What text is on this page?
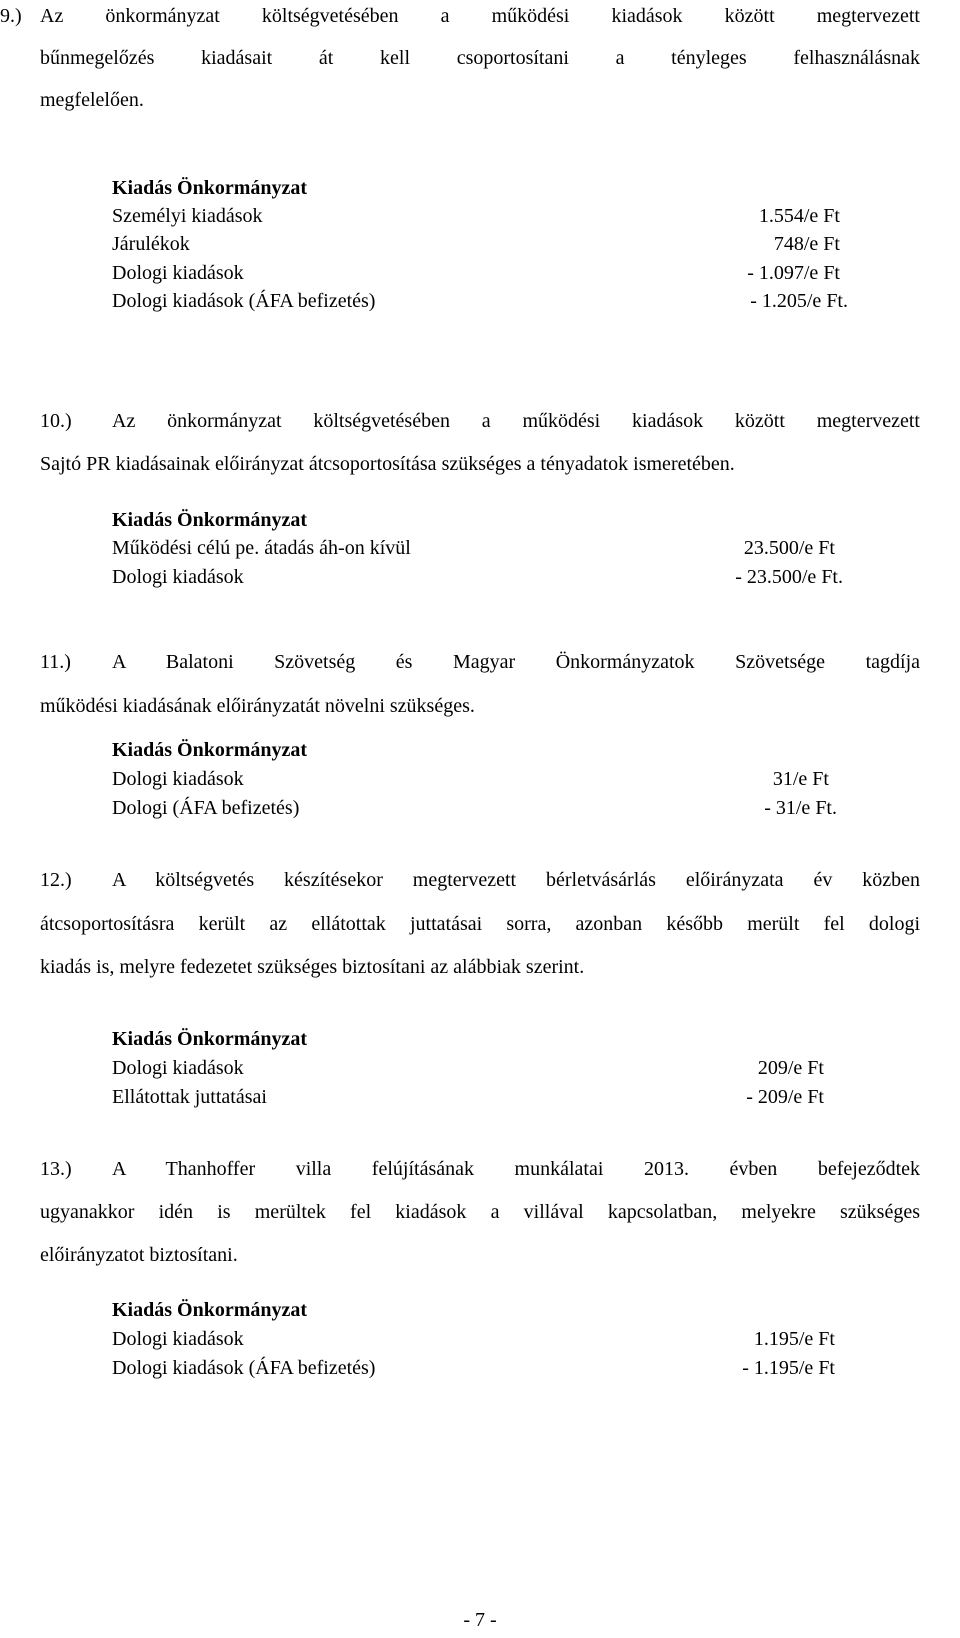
9.) Az önkormányzat költségvetésében a működési kiadások között megtervezett
bűnmegelőzés kiadásait át kell csoportosítani a tényleges felhasználásnak
megfelelően.
Kiadás Önkormányzat
Személyi kiadások	1.554/e Ft
Járulékok	748/e Ft
Dologi kiadások	- 1.097/e Ft
Dologi kiadások (ÁFA befizetés)	- 1.205/e Ft.
10.) Az önkormányzat költségvetésében a működési kiadások között megtervezett
Sajtó PR kiadásainak előirányzat átcsoportosítása szükséges a tényadatok ismeretében.
Kiadás Önkormányzat
Működési célú pe. átadás áh-on kívül	23.500/e Ft
Dologi kiadások	- 23.500/e Ft.
11.) A Balatoni Szövetség és Magyar Önkormányzatok Szövetsége tagdíja
működési kiadásának előirányzatát növelni szükséges.
Kiadás Önkormányzat
Dologi kiadások	31/e Ft
Dologi (ÁFA befizetés)	- 31/e Ft.
12.) A költségvetés készítésekor megtervezett bérletvásárlás előirányzata év közben
átcsoportosításra került az ellátottak juttatásai sorra, azonban később merült fel dologi
kiadás is, melyre fedezetet szükséges biztosítani az alábbiak szerint.
Kiadás Önkormányzat
Dologi kiadások	209/e Ft
Ellátottak juttatásai	- 209/e Ft
13.) A Thanhoffer villa felújításának munkálatai 2013. évben befejeződtek
ugyanakkor idén is merültek fel kiadások a villával kapcsolatban, melyekre szükséges
előirányzatot biztosítani.
Kiadás Önkormányzat
Dologi kiadások	1.195/e Ft
Dologi kiadások (ÁFA befizetés)	- 1.195/e Ft
- 7 -
